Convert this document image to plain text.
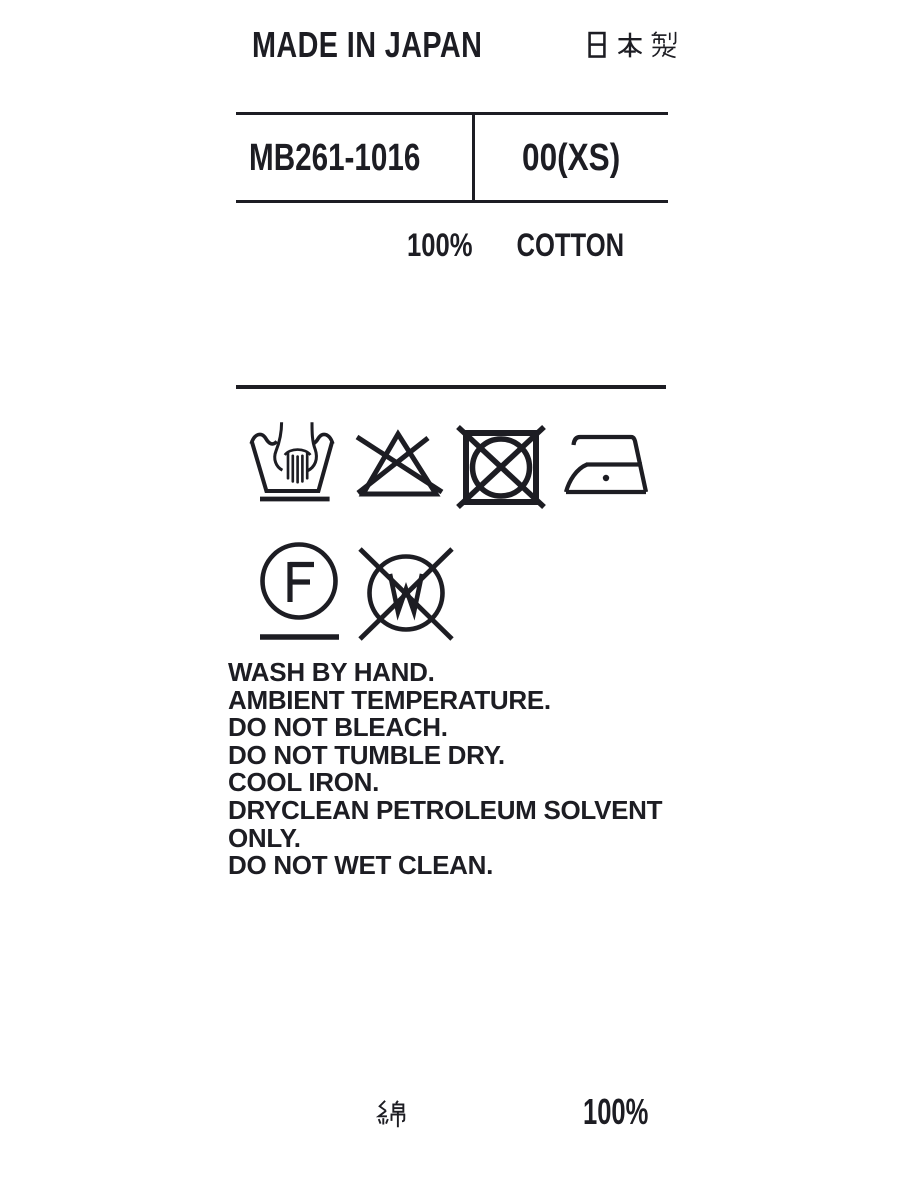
MADE IN JAPAN

MB261-1016	00(XS)
100% COTTON
WASH BY HAND.
AMBIENT TEMPERATURE.
DO NOT BLEACH.
DO NOT TUMBLE DRY.
COOL IRON.
DRYCLEAN PETROLEUM SOLVENT
ONLY.
DO NOT WET CLEAN.
100%
